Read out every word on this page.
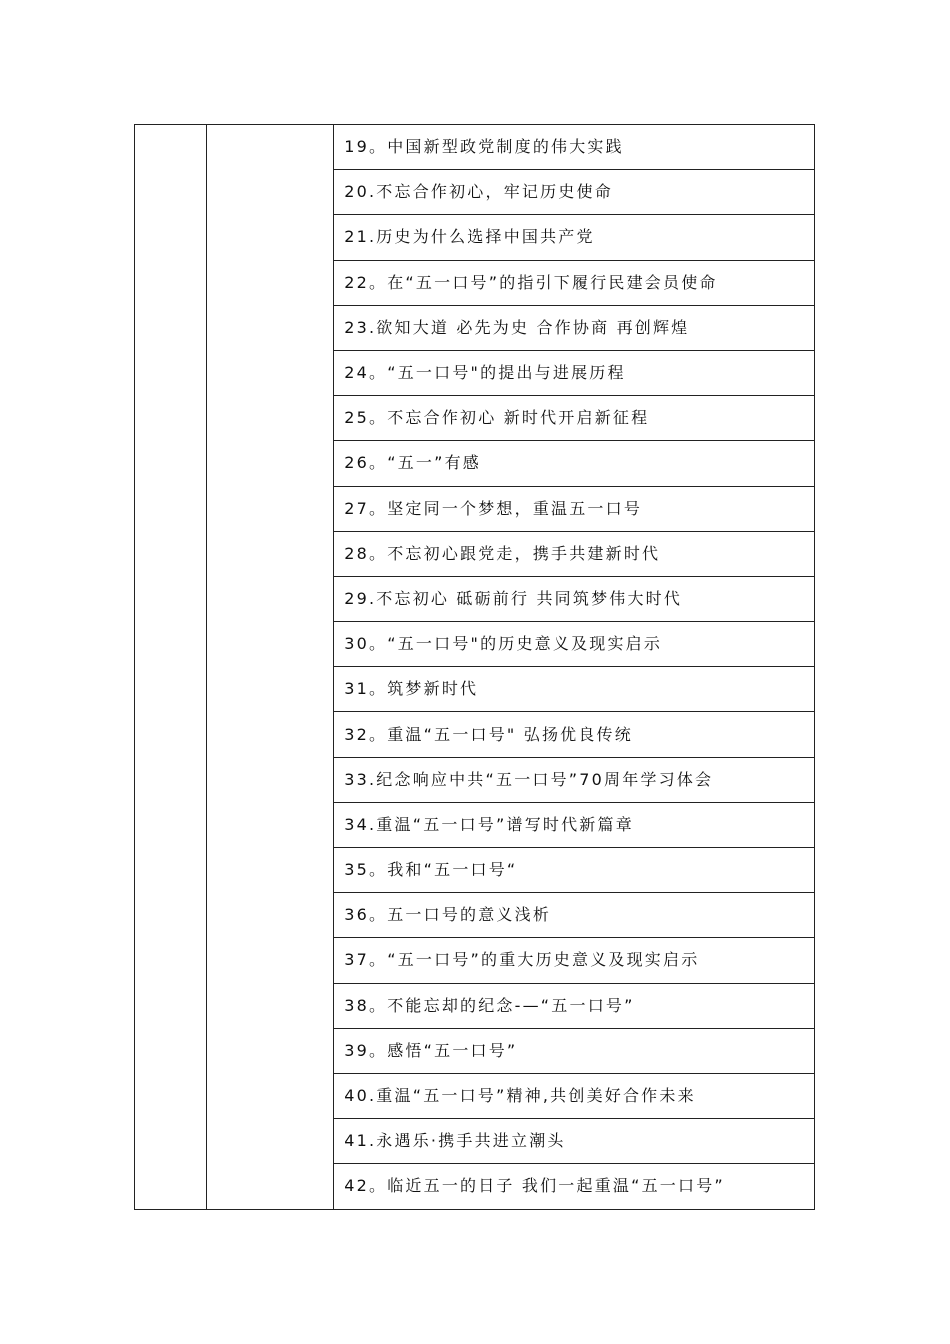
		19。中国新型政党制度的伟大实践
20.不忘合作初心，牢记历史使命
21.历史为什么选择中国共产党
22。在“五一口号”的指引下履行民建会员使命
23.欲知大道 必先为史 合作协商 再创辉煌
24。“五一口号"的提出与进展历程
25。不忘合作初心 新时代开启新征程
26。“五一”有感
27。坚定同一个梦想，重温五一口号
28。不忘初心跟党走，携手共建新时代
29.不忘初心 砥砺前行 共同筑梦伟大时代
30。“五一口号"的历史意义及现实启示
31。筑梦新时代
32。重温“五一口号" 弘扬优良传统
33.纪念响应中共“五一口号”70周年学习体会
34.重温“五一口号”谱写时代新篇章
35。我和“五一口号“
36。五一口号的意义浅析
37。“五一口号”的重大历史意义及现实启示
38。不能忘却的纪念-—“五一口号”
39。感悟“五一口号”
40.重温“五一口号”精神,共创美好合作未来
41.永遇乐·携手共进立潮头
42。临近五一的日子 我们一起重温“五一口号”
